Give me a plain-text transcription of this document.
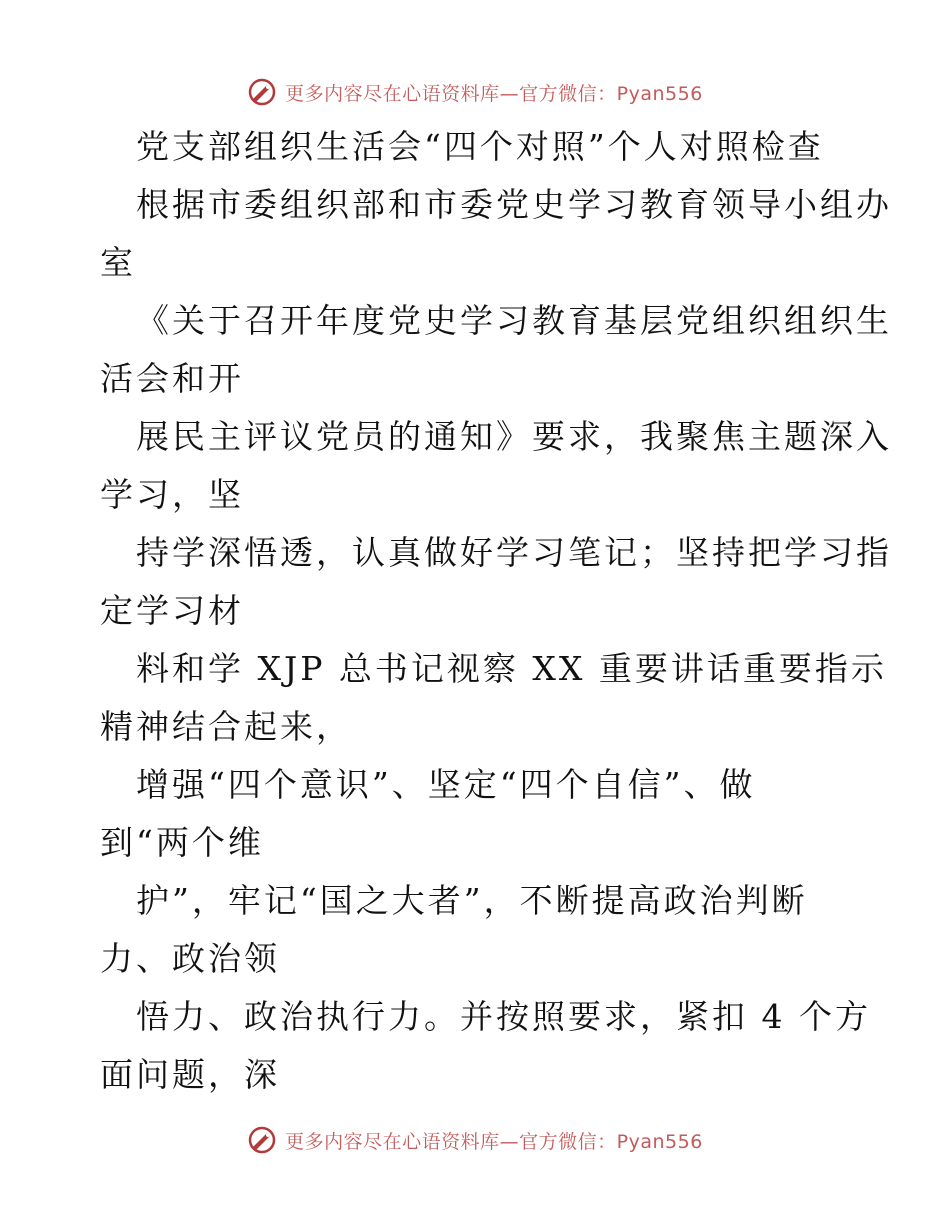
更多内容尽在心语资料库—官方微信：Pyan556
党支部组织生活会“四个对照”个人对照检查
根据市委组织部和市委党史学习教育领导小组办
室
《关于召开年度党史学习教育基层党组织组织生
活会和开
展民主评议党员的通知》要求，我聚焦主题深入
学习，坚
持学深悟透，认真做好学习笔记；坚持把学习指
定学习材
料和学 XJP 总书记视察 XX 重要讲话重要指示
精神结合起来，
增强“四个意识”、坚定“四个自信”、做
到“两个维
护”，牢记“国之大者”，不断提高政治判断
力、政治领
悟力、政治执行力。并按照要求，紧扣 4 个方
面问题，深
更多内容尽在心语资料库—官方微信：Pyan556
